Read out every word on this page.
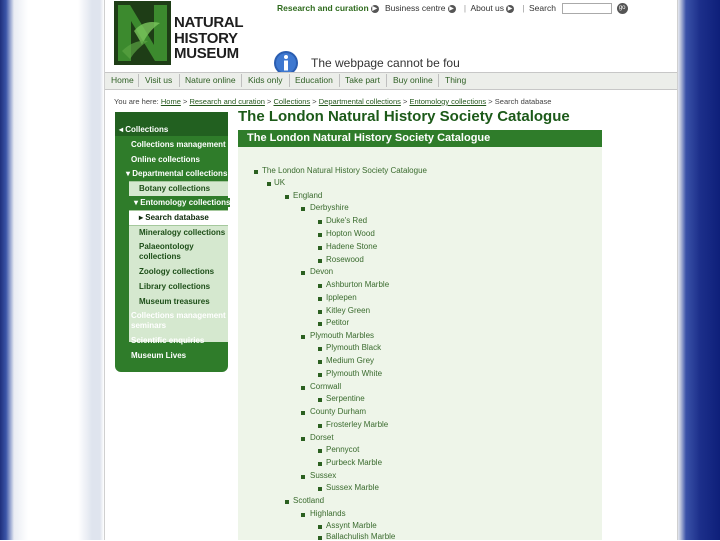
NATURAL
HISTORY
MUSEUM
Research and curation ▶ Business centre ▶ | About us ▶ | Search	go
The webpage cannot be fou
Home Visit us Nature online Kids only Education Take part Buy online Thing
You are here: Home > Research and curation > Collections > Departmental collections > Entomology collections > Search database
◂ Collections
Collections management
Online collections
▾ Departmental collections
Botany collections
▾ Entomology collections
▸ Search database
Mineralogy collections
Palaeontology collections
Zoology collections
Library collections
Museum treasures
Collections management seminars
Scientific enquiries
Museum Lives
The London Natural History Society Catalogue
The London Natural History Society Catalogue
The London Natural History Society Catalogue
UK
England
Derbyshire
Duke's Red
Hopton Wood
Hadene Stone
Rosewood
Devon
Ashburton Marble
Ipplepen
Kitley Green
Petitor
Plymouth Marbles
Plymouth Black
Medium Grey
Plymouth White
Cornwall
Serpentine
County Durham
Frosterley Marble
Dorset
Pennycot
Purbeck Marble
Sussex
Sussex Marble
Scotland
Highlands
Assynt Marble
Ballachulish Marble
